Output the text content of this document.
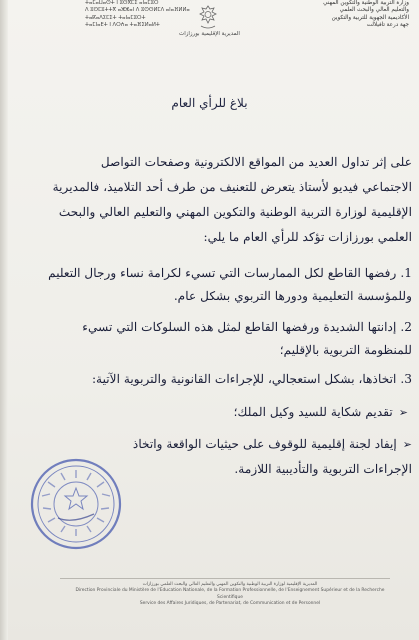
وزارة التربية الوطنية والتكوين المهني
والتعليم العالي والبحث العلمي
الأكاديمية الجهوية للتربية والتكوين
جهة درعة تافيلالت
ⵜⴰⵎⴰⵡⴰⵙⵜ ⵏ ⵓⵙⴳⵎⵉ ⴰⵏⴰⵎⵓⵔ
ⴷ ⵓⵙⵎⵓⵜⵜⴳ ⴰⵣⵣⴰⵏ ⴷ ⵓⵙⵙⵍⵎⴷ ⴰⵏⴰⴼⵍⵍⴰ
ⵜⴰⴽⴰⴷⵉⵎⵉⵜ ⵜⴰⵏⴰⵎⵓⵔⵜ
ⵜⴰⵎⵏⴰⴹⵜ ⵏ ⴷⵔⵄⴰ ⵜⴰⴼⵉⵍⴰⵍⵜ
المديرية الإقليمية بورزازات
بلاغ للرأي العام
على إثر تداول العديد من المواقع الالكترونية وصفحات التواصل
الاجتماعي فيديو لأستاذ يتعرض للتعنيف من طرف أحد التلاميذ، فالمديرية
الإقليمية لوزارة التربية الوطنية والتكوين المهني والتعليم العالي والبحث
العلمي بورزازات تؤكد للرأي العام ما يلي:
1.رفضها القاطع لكل الممارسات التي تسيء لكرامة نساء ورجال التعليم
وللمؤسسة التعليمية ودورها التربوي بشكل عام.
2.إدانتها الشديدة ورفضها القاطع لمثل هذه السلوكات التي تسيء
للمنظومة التربوية بالإقليم؛
3.اتخاذها، بشكل استعجالي، للإجراءات القانونية والتربوية الآتية:
➢تقديم شكاية للسيد وكيل الملك؛
➢إيفاد لجنة إقليمية للوقوف على حيثيات الواقعة واتخاذ
الإجراءات التربوية والتأديبية اللازمة.
المديرية الإقليمية لوزارة التربية الوطنية والتكوين المهني والتعليم العالي والبحث العلمي بورزازات
Direction Provinciale du Ministère de l'Education Nationale, de la Formation Professionnelle, de l'Enseignement Supérieur et de la Recherche Scientifique
Service des Affaires Juridiques, de Partenariat, de Communication et de Personnel
